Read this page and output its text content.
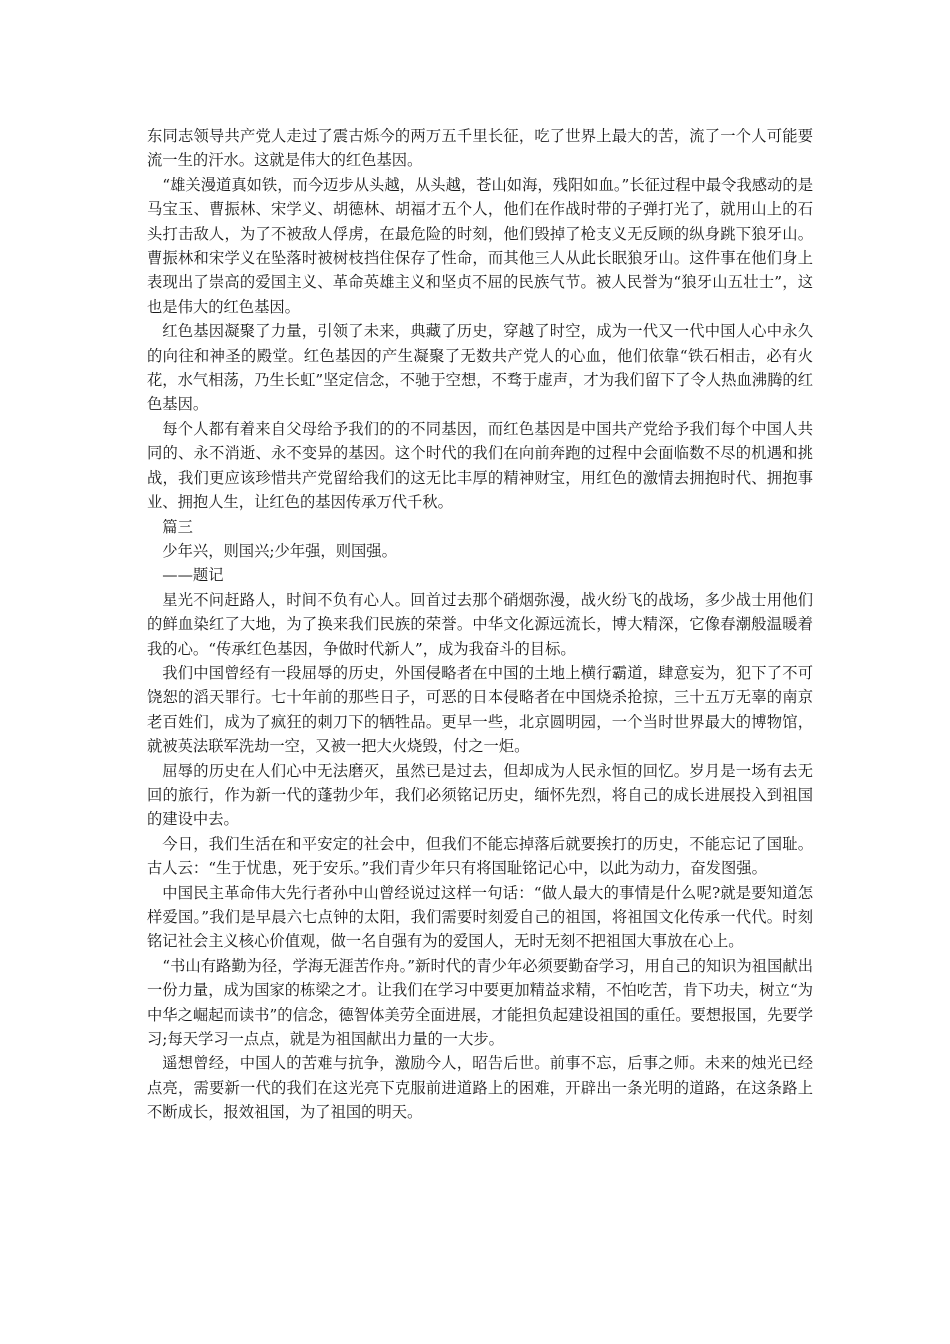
东同志领导共产党人走过了震古烁今的两万五千里长征，吃了世界上最大的苦，流了一个人可能要流一生的汗水。这就是伟大的红色基因。

“雄关漫道真如铁，而今迈步从头越，从头越，苍山如海，残阳如血。”长征过程中最令我感动的是马宝玉、曹振林、宋学义、胡德林、胡福才五个人，他们在作战时带的子弹打光了，就用山上的石头打击敌人，为了不被敌人俘虏，在最危险的时刻，他们毁掉了枪支义无反顾的纵身跳下狼牙山。曹振林和宋学义在坠落时被树枝挡住保存了性命，而其他三人从此长眠狼牙山。这件事在他们身上表现出了崇高的爱国主义、革命英雄主义和坚贞不屈的民族气节。被人民誉为“狼牙山五壮士”，这也是伟大的红色基因。

红色基因凝聚了力量，引领了未来，典藏了历史，穿越了时空，成为一代又一代中国人心中永久的向往和神圣的殿堂。红色基因的产生凝聚了无数共产党人的心血，他们依靠“铁石相击，必有火花，水气相荡，乃生长虹”坚定信念，不驰于空想，不骛于虚声，才为我们留下了令人热血沸腾的红色基因。

每个人都有着来自父母给予我们的的不同基因，而红色基因是中国共产党给予我们每个中国人共同的、永不消逝、永不变异的基因。这个时代的我们在向前奔跑的过程中会面临数不尽的机遇和挑战，我们更应该珍惜共产党留给我们的这无比丰厚的精神财宝，用红色的激情去拥抱时代、拥抱事业、拥抱人生，让红色的基因传承万代千秋。

篇三

少年兴，则国兴;少年强，则国强。

——题记

星光不问赶路人，时间不负有心人。回首过去那个硝烟弥漫，战火纷飞的战场，多少战士用他们的鲜血染红了大地，为了换来我们民族的荣誉。中华文化源远流长，博大精深，它像春潮般温暖着我的心。“传承红色基因，争做时代新人”，成为我奋斗的目标。

我们中国曾经有一段屈辱的历史，外国侵略者在中国的土地上横行霸道，肆意妄为，犯下了不可饶恕的滔天罪行。七十年前的那些日子，可恶的日本侵略者在中国烧杀抢掠，三十五万无辜的南京老百姓们，成为了疯狂的刺刀下的牺牲品。更早一些，北京圆明园，一个当时世界最大的博物馆，就被英法联军洗劫一空，又被一把大火烧毁，付之一炬。

屈辱的历史在人们心中无法磨灭，虽然已是过去，但却成为人民永恒的回忆。岁月是一场有去无回的旅行，作为新一代的蓬勃少年，我们必须铭记历史，缅怀先烈，将自己的成长进展投入到祖国的建设中去。

今日，我们生活在和平安定的社会中，但我们不能忘掉落后就要挨打的历史，不能忘记了国耻。古人云：“生于忧患，死于安乐。”我们青少年只有将国耻铭记心中，以此为动力，奋发图强。

中国民主革命伟大先行者孙中山曾经说过这样一句话：“做人最大的事情是什么呢?就是要知道怎样爱国。”我们是早晨六七点钟的太阳，我们需要时刻爱自己的祖国，将祖国文化传承一代代。时刻铭记社会主义核心价值观，做一名自强有为的爱国人，无时无刻不把祖国大事放在心上。

“书山有路勤为径，学海无涯苦作舟。”新时代的青少年必须要勤奋学习，用自己的知识为祖国献出一份力量，成为国家的栋梁之才。让我们在学习中要更加精益求精，不怕吃苦，肯下功夫，树立“为中华之崛起而读书”的信念，德智体美劳全面进展，才能担负起建设祖国的重任。要想报国，先要学习;每天学习一点点，就是为祖国献出力量的一大步。

遥想曾经，中国人的苦难与抗争，激励今人，昭告后世。前事不忘，后事之师。未来的烛光已经点亮，需要新一代的我们在这光亮下克服前进道路上的困难，开辟出一条光明的道路，在这条路上不断成长，报效祖国，为了祖国的明天。
